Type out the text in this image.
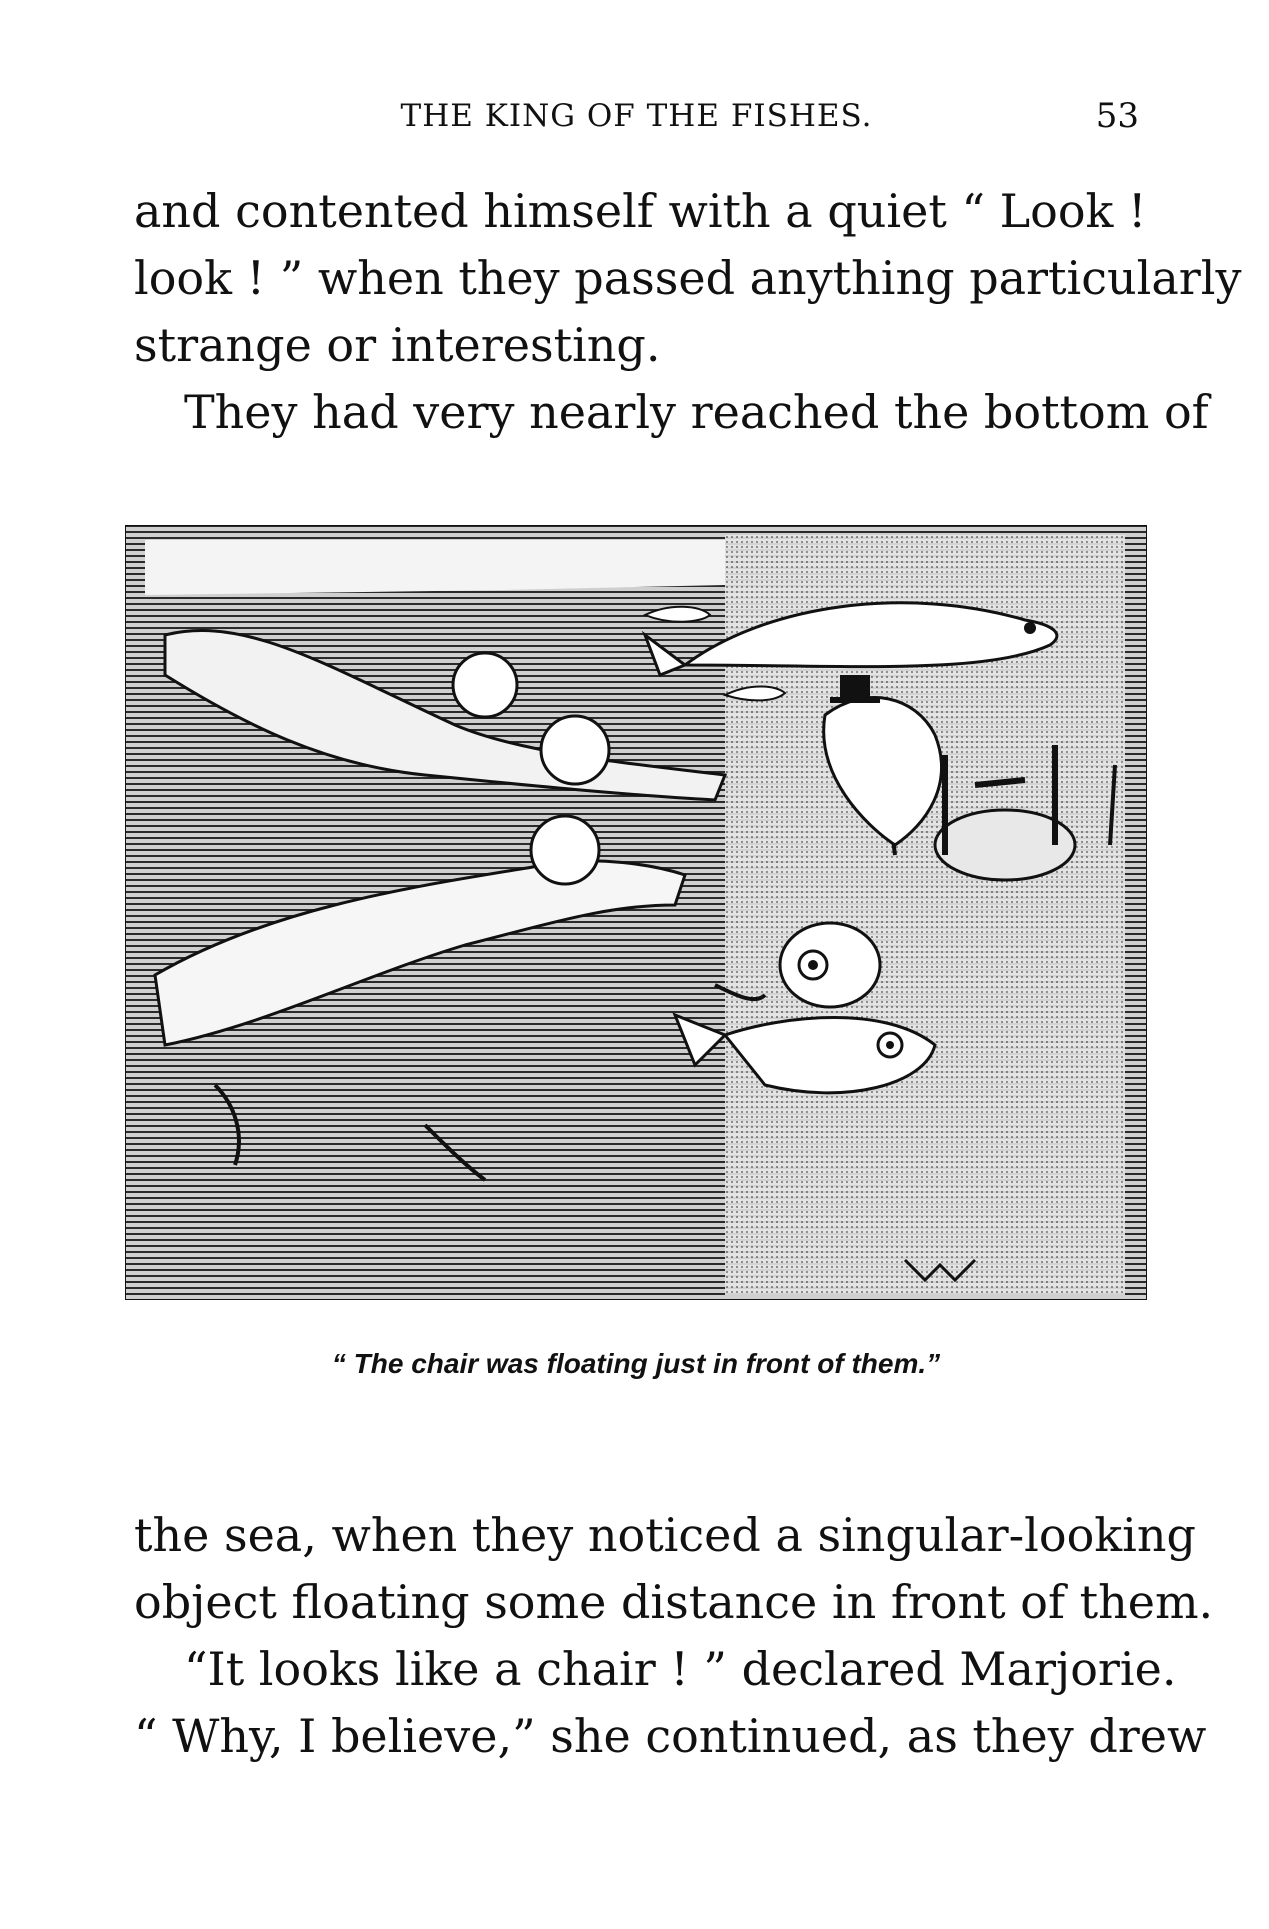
THE KING OF THE FISHES.	53
and contented himself with a quiet “ Look !
look ! ” when they passed anything particularly
strange or interesting.
They had very nearly reached the bottom of
“ The chair was floating just in front of them.”
the sea, when they noticed a singular-looking
object floating some distance in front of them.
“It looks like a chair ! ” declared Marjorie.
“ Why, I believe,” she continued, as they drew
